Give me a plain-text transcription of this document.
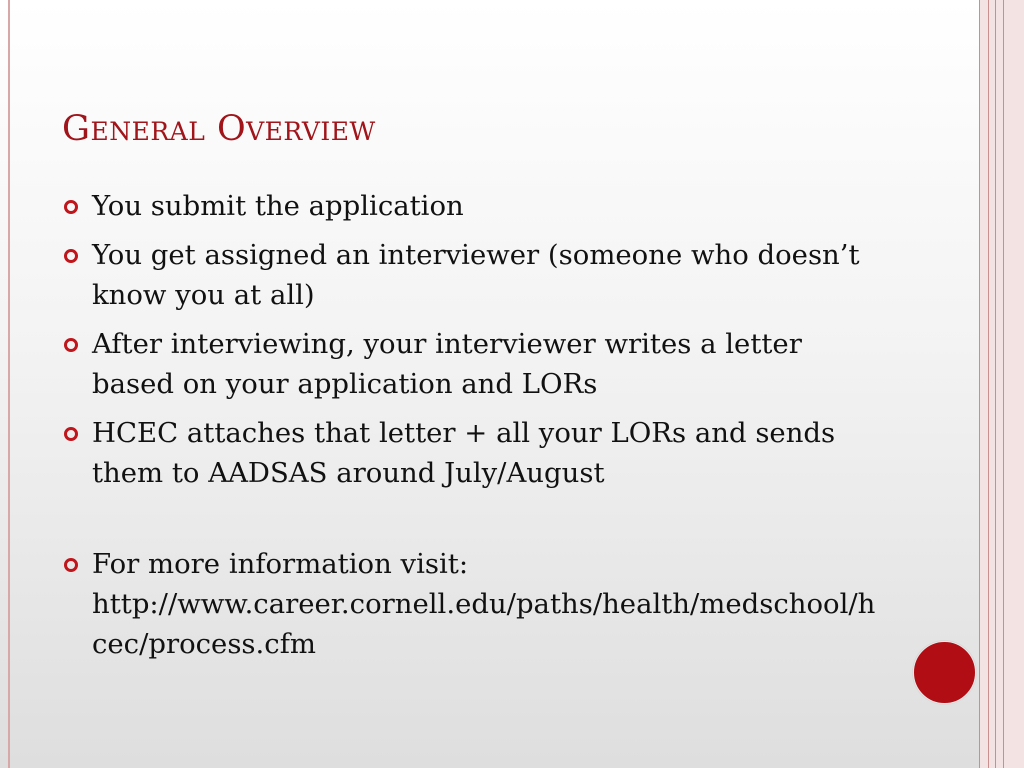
General Overview
You submit the application
You get assigned an interviewer (someone who doesn’t know you at all)
After interviewing, your interviewer writes a letter based on your application and LORs
HCEC attaches that letter + all your LORs and sends them to AADSAS around July/August
For more information visit:
http://www.career.cornell.edu/paths/health/medschool/hcec/process.cfm
